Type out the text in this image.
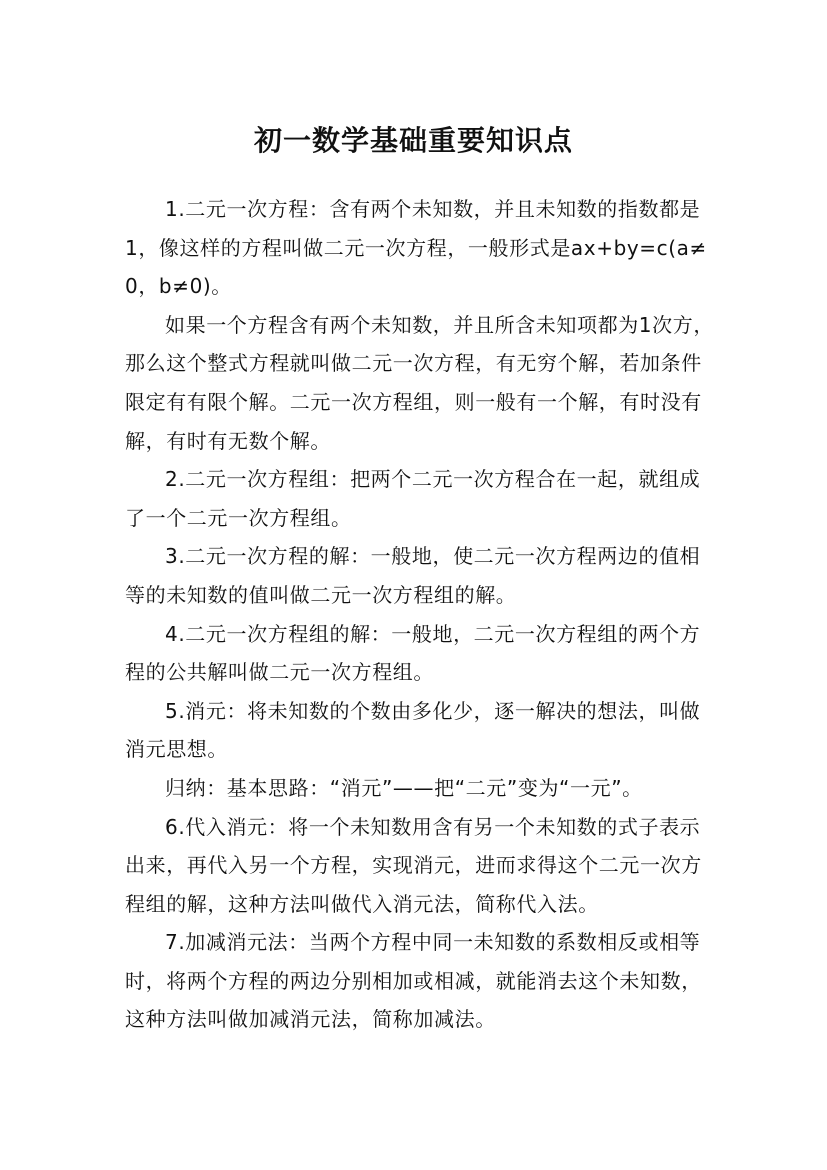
初一数学基础重要知识点

1.二元一次方程：含有两个未知数，并且未知数的指数都是1，像这样的方程叫做二元一次方程，一般形式是ax+by=c(a≠0，b≠0)。

如果一个方程含有两个未知数，并且所含未知项都为1次方，那么这个整式方程就叫做二元一次方程，有无穷个解，若加条件限定有有限个解。二元一次方程组，则一般有一个解，有时没有解，有时有无数个解。

2.二元一次方程组：把两个二元一次方程合在一起，就组成了一个二元一次方程组。

3.二元一次方程的解：一般地，使二元一次方程两边的值相等的未知数的值叫做二元一次方程组的解。

4.二元一次方程组的解：一般地，二元一次方程组的两个方程的公共解叫做二元一次方程组。

5.消元：将未知数的个数由多化少，逐一解决的想法，叫做消元思想。

归纳：基本思路：“消元”——把“二元”变为“一元”。

6.代入消元：将一个未知数用含有另一个未知数的式子表示出来，再代入另一个方程，实现消元，进而求得这个二元一次方程组的解，这种方法叫做代入消元法，简称代入法。

7.加减消元法：当两个方程中同一未知数的系数相反或相等时，将两个方程的两边分别相加或相减，就能消去这个未知数，这种方法叫做加减消元法，简称加减法。
